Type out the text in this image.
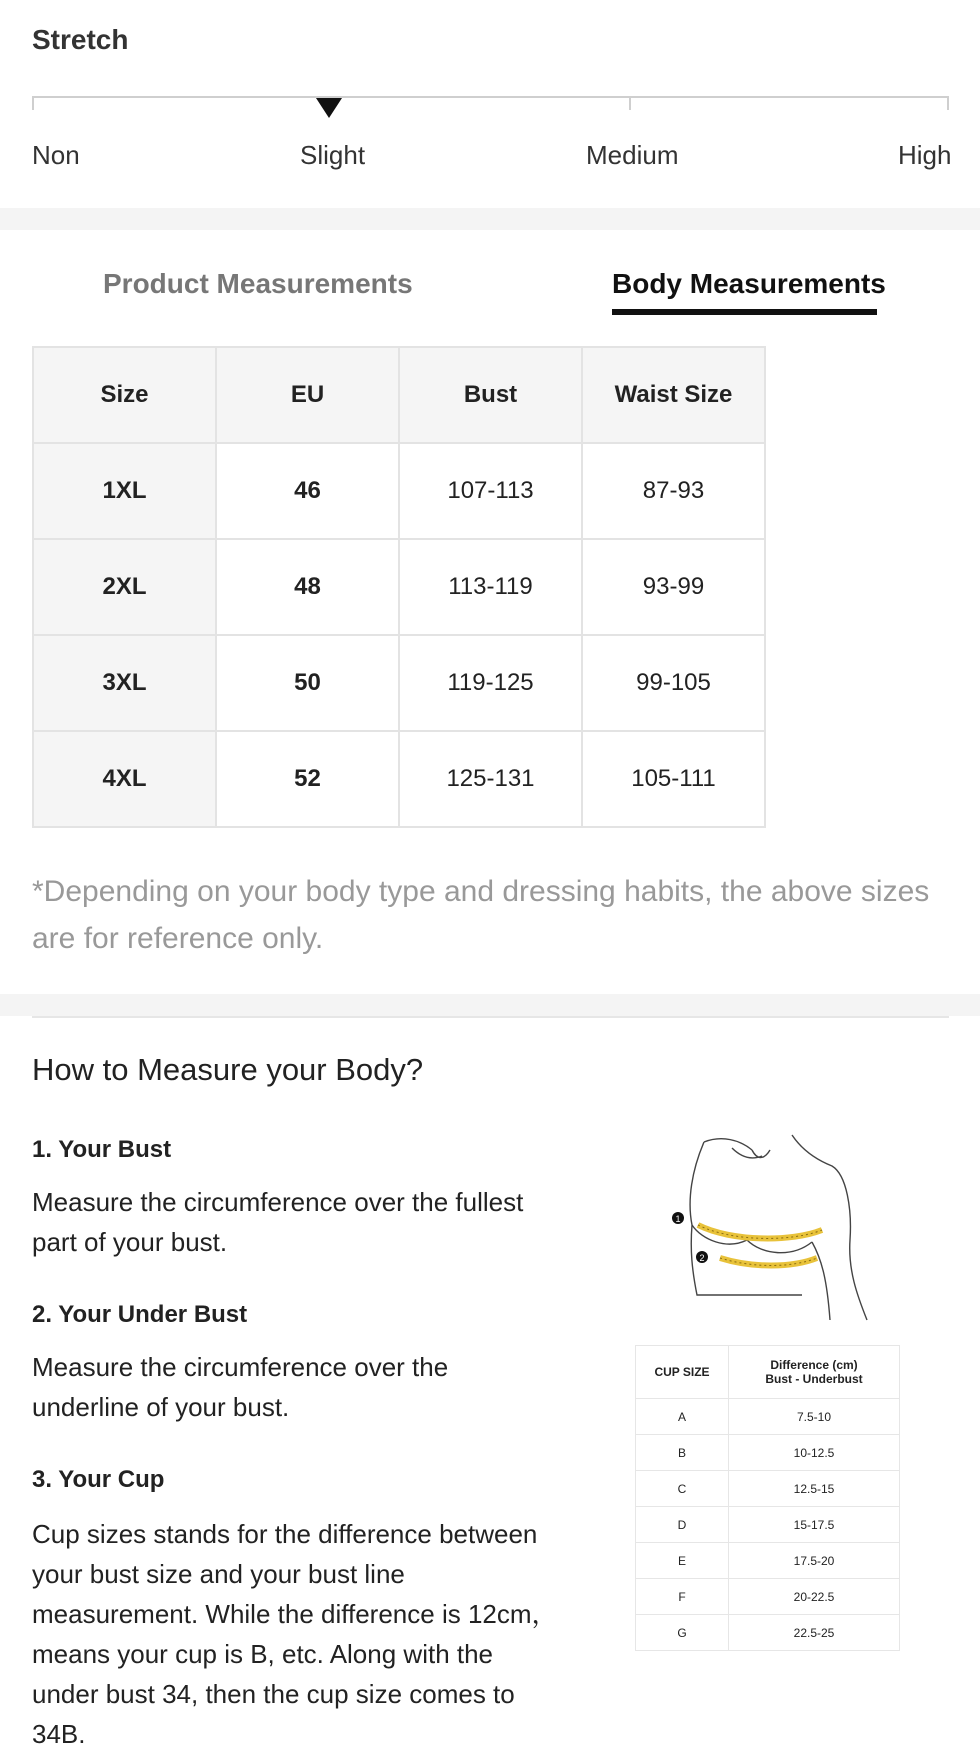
Stretch
Non	Slight	Medium	High
Product Measurements	Body Measurements
Size	EU	Bust	Waist Size
1XL	46	107-113	87-93
2XL	48	113-119	93-99
3XL	50	119-125	99-105
4XL	52	125-131	105-111
*Depending on your body type and dressing habits, the above sizes are for reference only.
How to Measure your Body?
1. Your Bust
Measure the circumference over the fullest part of your bust.
2. Your Under Bust
Measure the circumference over the underline of your bust.
3. Your Cup
Cup sizes stands for the difference between your bust size and your bust line measurement. While the difference is 12cm，means your cup is B, etc. Along with the under bust 34, then the cup size comes to 34B.
1
2
CUP SIZE	Difference (cm)
Bust - Underbust

A	7.5-10
B	10-12.5
C	12.5-15
D	15-17.5
E	17.5-20
F	20-22.5
G	22.5-25
